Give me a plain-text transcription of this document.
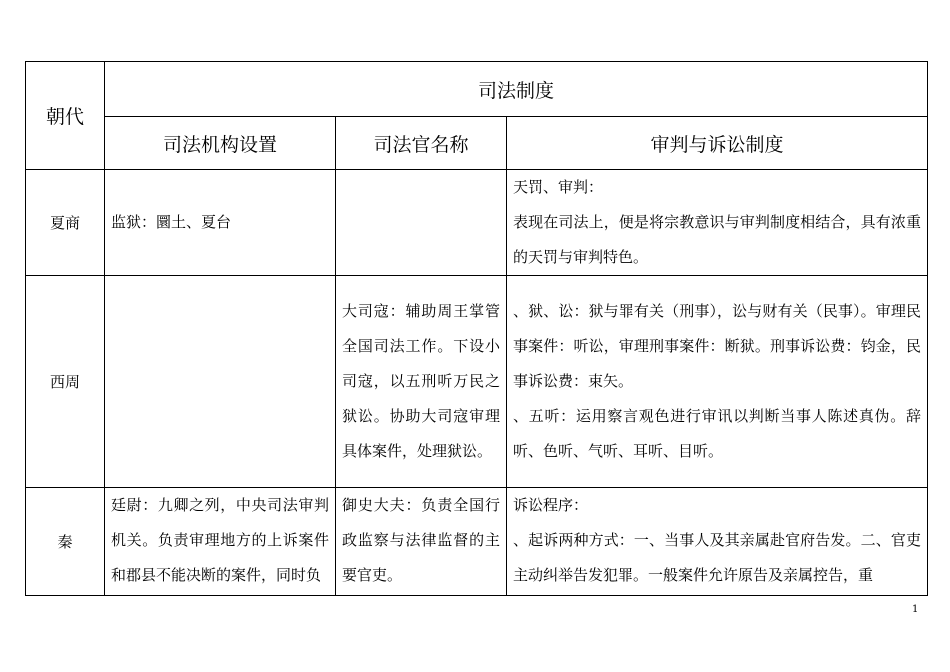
朝代	司法制度		
	司法机构设置	司法官名称	审判与诉讼制度
夏商	监狱：圜土、夏台		天罚、审判：

表现在司法上，便是将宗教意识与审判制度相结合，具有浓重的天罚与审判特色。

西周		大司寇：辅助周王掌管全国司法工作。下设小司寇，以五刑听万民之狱讼。协助大司寇审理具体案件，处理狱讼。	、狱、讼：狱与罪有关（刑事），讼与财有关（民事）。审理民事案件：听讼，审理刑事案件：断狱。刑事诉讼费：钧金，民事诉讼费：束矢。

、五听：运用察言观色进行审讯以判断当事人陈述真伪。辞听、色听、气听、耳听、目听。

秦	廷尉：九卿之列，中央司法审判机关。负责审理地方的上诉案件和郡县不能决断的案件，同时负	御史大夫：负责全国行政监察与法律监督的主要官吏。	诉讼程序：

、起诉两种方式：一、当事人及其亲属赴官府告发。二、官吏主动纠举告发犯罪。一般案件允许原告及亲属控告，重

1
